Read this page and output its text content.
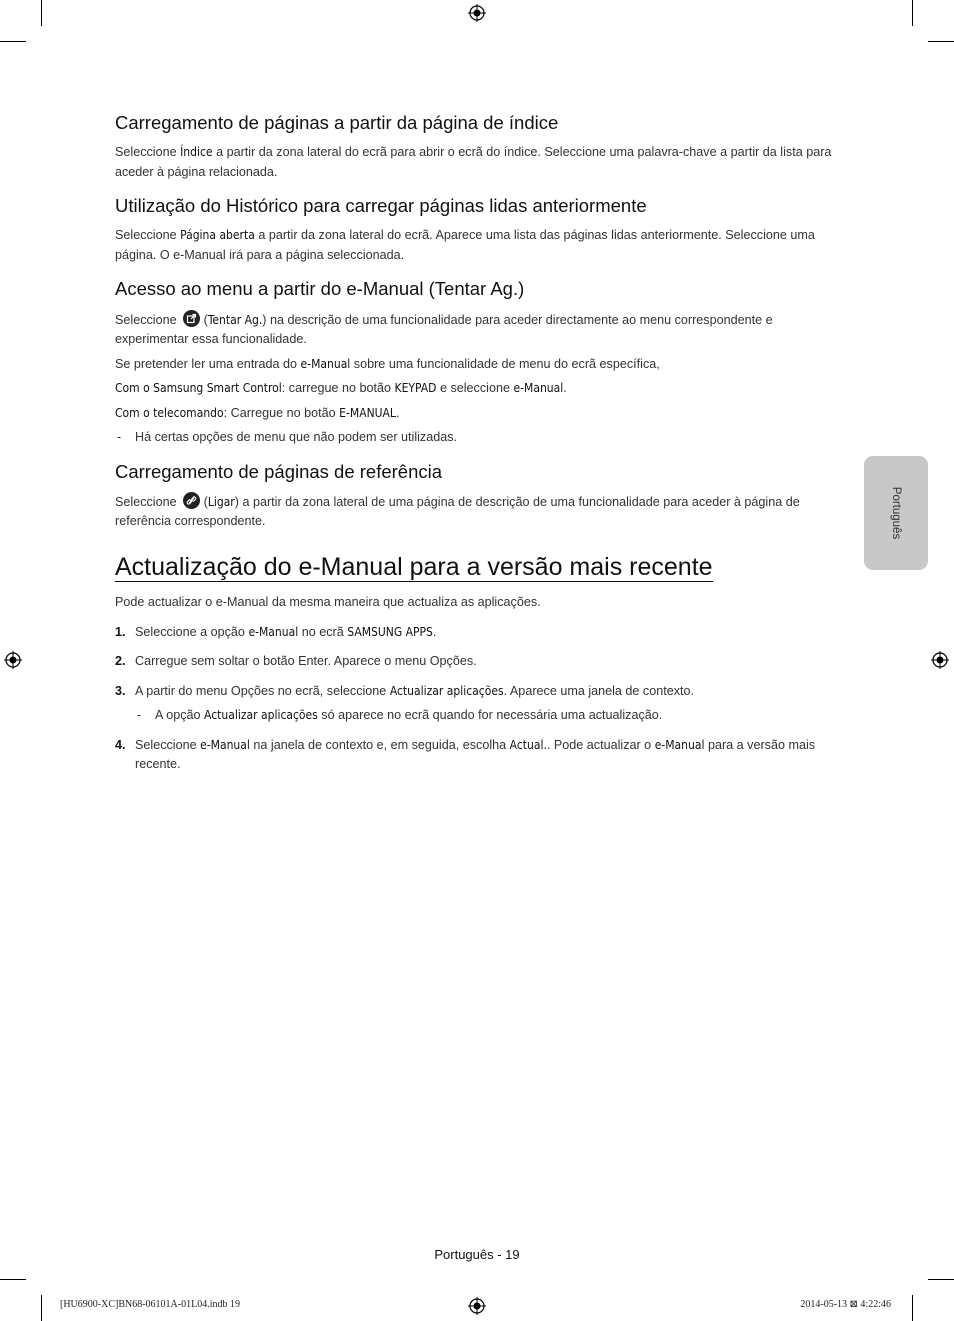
Carregamento de páginas a partir da página de índice

Seleccione Índice a partir da zona lateral do ecrã para abrir o ecrã do índice. Seleccione uma palavra-chave a partir da lista para aceder à página relacionada.

Utilização do Histórico para carregar páginas lidas anteriormente

Seleccione Página aberta a partir da zona lateral do ecrã. Aparece uma lista das páginas lidas anteriormente. Seleccione uma página. O e-Manual irá para a página seleccionada.

Acesso ao menu a partir do e-Manual (Tentar Ag.)

Seleccione (Tentar Ag.) na descrição de uma funcionalidade para aceder directamente ao menu correspondente e experimentar essa funcionalidade.

Se pretender ler uma entrada do e-Manual sobre uma funcionalidade de menu do ecrã específica,

Com o Samsung Smart Control: carregue no botão KEYPAD e seleccione e-Manual.

Com o telecomando: Carregue no botão E-MANUAL.

- Há certas opções de menu que não podem ser utilizadas.

Carregamento de páginas de referência

Seleccione (Ligar) a partir da zona lateral de uma página de descrição de uma funcionalidade para aceder à página de referência correspondente.

Actualização do e-Manual para a versão mais recente

Pode actualizar o e-Manual da mesma maneira que actualiza as aplicações.

1. Seleccione a opção e-Manual no ecrã SAMSUNG APPS.
2. Carregue sem soltar o botão Enter. Aparece o menu Opções.
3. A partir do menu Opções no ecrã, seleccione Actualizar aplicações. Aparece uma janela de contexto.
- A opção Actualizar aplicações só aparece no ecrã quando for necessária uma actualização.
4. Seleccione e-Manual na janela de contexto e, em seguida, escolha Actual.. Pode actualizar o e-Manual para a versão mais recente.
Português
Português - 19
[HU6900-XC]BN68-06101A-01L04.indb 19	2014-05-13 ⊠ 4:22:46
